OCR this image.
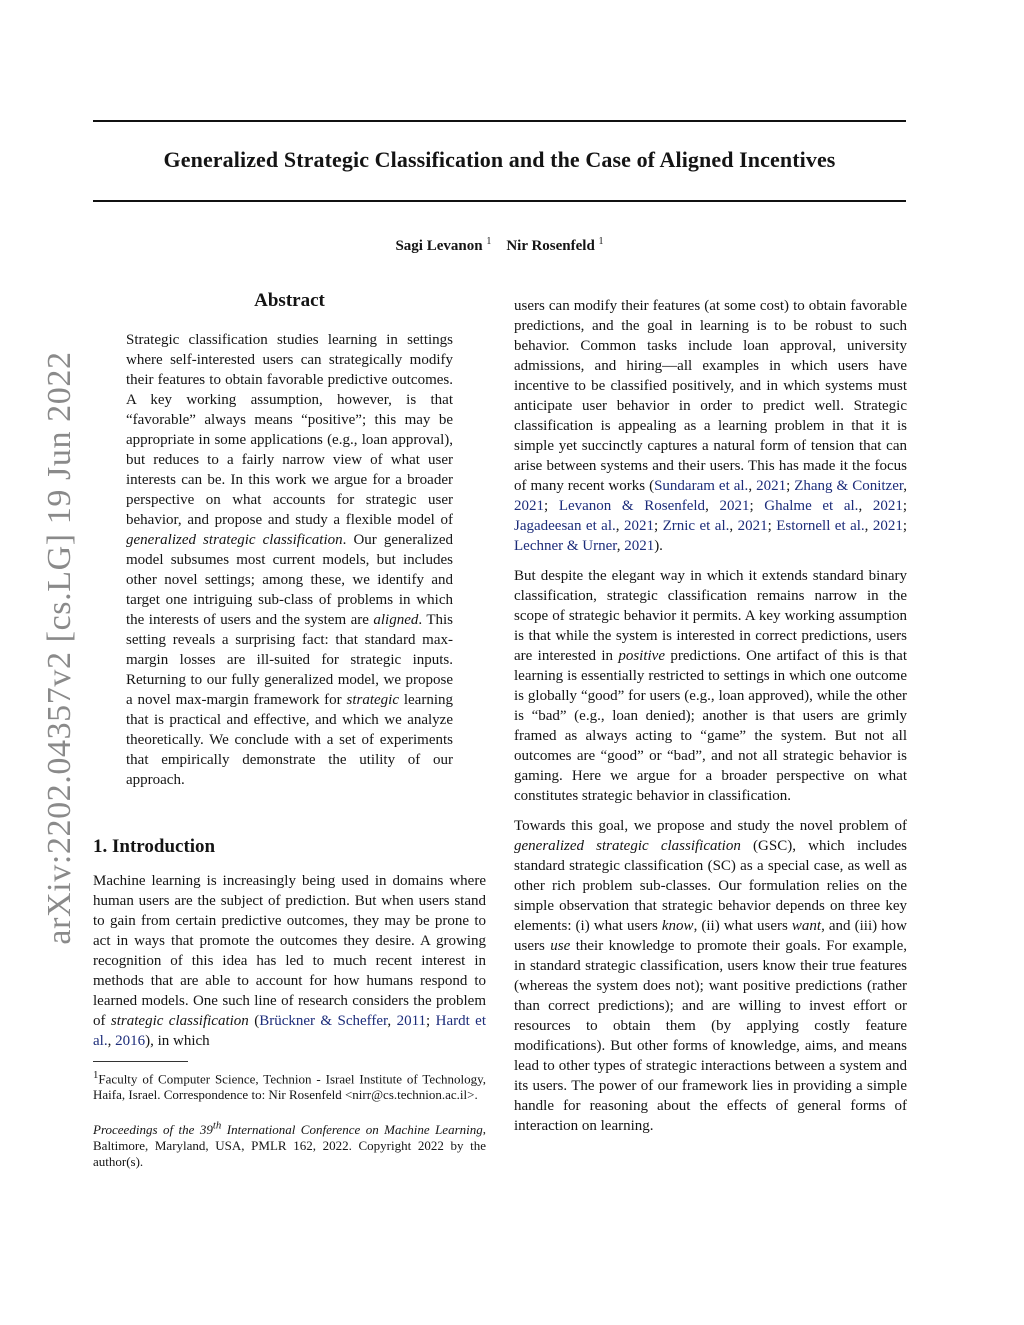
Generalized Strategic Classification and the Case of Aligned Incentives
Sagi Levanon $^1$ Nir Rosenfeld $^1$
arXiv:2202.04357v2 [cs.LG] 19 Jun 2022
Abstract
Strategic classification studies learning in settings where self-interested users can strategically modify their features to obtain favorable predictive outcomes. A key working assumption, however, is that “favorable” always means “positive”; this may be appropriate in some applications (e.g., loan approval), but reduces to a fairly narrow view of what user interests can be. In this work we argue for a broader perspective on what accounts for strategic user behavior, and propose and study a flexible model of generalized strategic classification. Our generalized model subsumes most current models, but includes other novel settings; among these, we identify and target one intriguing sub-class of problems in which the interests of users and the system are aligned. This setting reveals a surprising fact: that standard max-margin losses are ill-suited for strategic inputs. Returning to our fully generalized model, we propose a novel max-margin framework for strategic learning that is practical and effective, and which we analyze theoretically. We conclude with a set of experiments that empirically demonstrate the utility of our approach.
1. Introduction

Machine learning is increasingly being used in domains where human users are the subject of prediction. But when users stand to gain from certain predictive outcomes, they may be prone to act in ways that promote the outcomes they desire. A growing recognition of this idea has led to much recent interest in methods that are able to account for how humans respond to learned models. One such line of research considers the problem of strategic classification (Brückner & Scheffer, 2011; Hardt et al., 2016), in which

$^1$Faculty of Computer Science, Technion - Israel Institute of Technology, Haifa, Israel. Correspondence to: Nir Rosenfeld <nirr@cs.technion.ac.il>.

Proceedings of the 39th International Conference on Machine Learning, Baltimore, Maryland, USA, PMLR 162, 2022. Copyright 2022 by the author(s).

users can modify their features (at some cost) to obtain favorable predictions, and the goal in learning is to be robust to such behavior. Common tasks include loan approval, university admissions, and hiring—all examples in which users have incentive to be classified positively, and in which systems must anticipate user behavior in order to predict well. Strategic classification is appealing as a learning problem in that it is simple yet succinctly captures a natural form of tension that can arise between systems and their users. This has made it the focus of many recent works (Sundaram et al., 2021; Zhang & Conitzer, 2021; Levanon & Rosenfeld, 2021; Ghalme et al., 2021; Jagadeesan et al., 2021; Zrnic et al., 2021; Estornell et al., 2021; Lechner & Urner, 2021).

But despite the elegant way in which it extends standard binary classification, strategic classification remains narrow in the scope of strategic behavior it permits. A key working assumption is that while the system is interested in correct predictions, users are interested in positive predictions. One artifact of this is that learning is essentially restricted to settings in which one outcome is globally “good” for users (e.g., loan approved), while the other is “bad” (e.g., loan denied); another is that users are grimly framed as always acting to “game” the system. But not all outcomes are “good” or “bad”, and not all strategic behavior is gaming. Here we argue for a broader perspective on what constitutes strategic behavior in classification.

Towards this goal, we propose and study the novel problem of generalized strategic classification (GSC), which includes standard strategic classification (SC) as a special case, as well as other rich problem sub-classes. Our formulation relies on the simple observation that strategic behavior depends on three key elements: (i) what users know, (ii) what users want, and (iii) how users use their knowledge to promote their goals. For example, in standard strategic classification, users know their true features (whereas the system does not); want positive predictions (rather than correct predictions); and are willing to invest effort or resources to obtain them (by applying costly feature modifications). But other forms of knowledge, aims, and means lead to other types of strategic interactions between a system and its users. The power of our framework lies in providing a simple handle for reasoning about the effects of general forms of interaction on learning.
